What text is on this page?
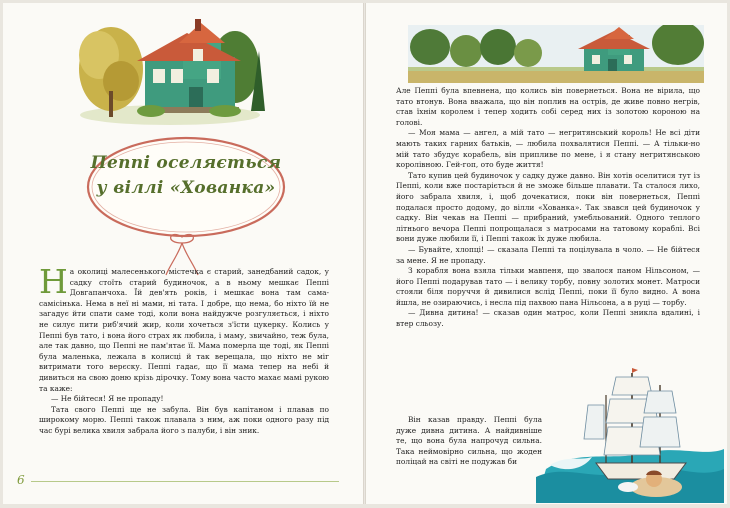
Пеппі оселяється
у віллі «Хованка»

На околиці малесенького містечка є старий, занедбаний садок, у садку стоїть старий будиночок, а в ньому мешкає Пеппі Довгапанчоха. Їй дев'ять років, і мешкає вона там сама-самісінька. Нема в неї ні мами, ні тата. І добре, що нема, бо ніхто їй не загадує йти спати саме тоді, коли вона найдужче розгуляється, і ніхто не силує пити риб'ячий жир, коли хочеться з'їсти цукерку. Колись у Пеппі був тато, і вона його страх як любила, і маму, звичайно, теж була, але так давно, що Пеппі не пам'ятає її. Мама померла ще тоді, як Пеппі була маленька, лежала в колисці й так верещала, що ніхто не міг витримати того верєску. Пеппі гадає, що її мама тепер на небі й дивиться на свою доню крізь дірочку. Тому вона часто махає мамі рукою та каже:

— Не бійтеся! Я не пропаду!

Тата свого Пеппі ще не забула. Він був капітаном і плавав по широкому морю. Пеппі також плавала з ним, аж поки одного разу під час бурі велика хвиля забрала його з палуби, і він зник.

6

Але Пеппі була впевнена, що колись він повернеться. Вона не вірила, що тато втонув. Вона вважала, що він поплив на острів, де живе повно негрів, став їхнім королем і тепер ходить собі серед них із золотою короною на голові.

— Моя мама — ангел, а мій тато — негритянський король! Не всі діти мають таких гарних батьків, — любила похвалятися Пеппі. — А тільки-но мій тато збудує корабель, він припливе по мене, і я стану негритянською королівною. Гей-гоп, ото буде життя!

Тато купив цей будиночок у садку дуже давно. Він хотів оселитися тут із Пеппі, коли вже постаріється й не зможе більше плавати. Та сталося лихо, його забрала хвиля, і, щоб дочекатися, поки він повернеться, Пеппі подалася просто додому, до вілли «Хованка». Так звався цей будиночок у садку. Він чекав на Пеппі — прибраний, умебльований. Одного теплого літнього вечора Пеппі попрощалася з матросами на татовому кораблі. Всі вони дуже любили її, і Пеппі також їх дуже любила.

— Бувайте, хлопці! — сказала Пеппі та поцілувала в чоло. — Не бійтеся за мене. Я не пропаду.

З корабля вона взяла тільки мавпеня, що звалося паном Нільсоном, — його Пеппі подарував тато — і велику торбу, повну золотих монет. Матроси стояли біля поруччя й дивилися вслід Пеппі, поки її було видно. А вона йшла, не озираючись, і несла під пахвою пана Нільсона, а в руці — торбу.

— Дивна дитина! — сказав один матрос, коли Пеппі зникла вдалині, і втер сльозу.

Він казав правду. Пеппі була дуже дивна дитина. А найдивніше те, що вона була напрочуд сильна. Така неймовірно сильна, що жоден поліцай на світі не подужав би
